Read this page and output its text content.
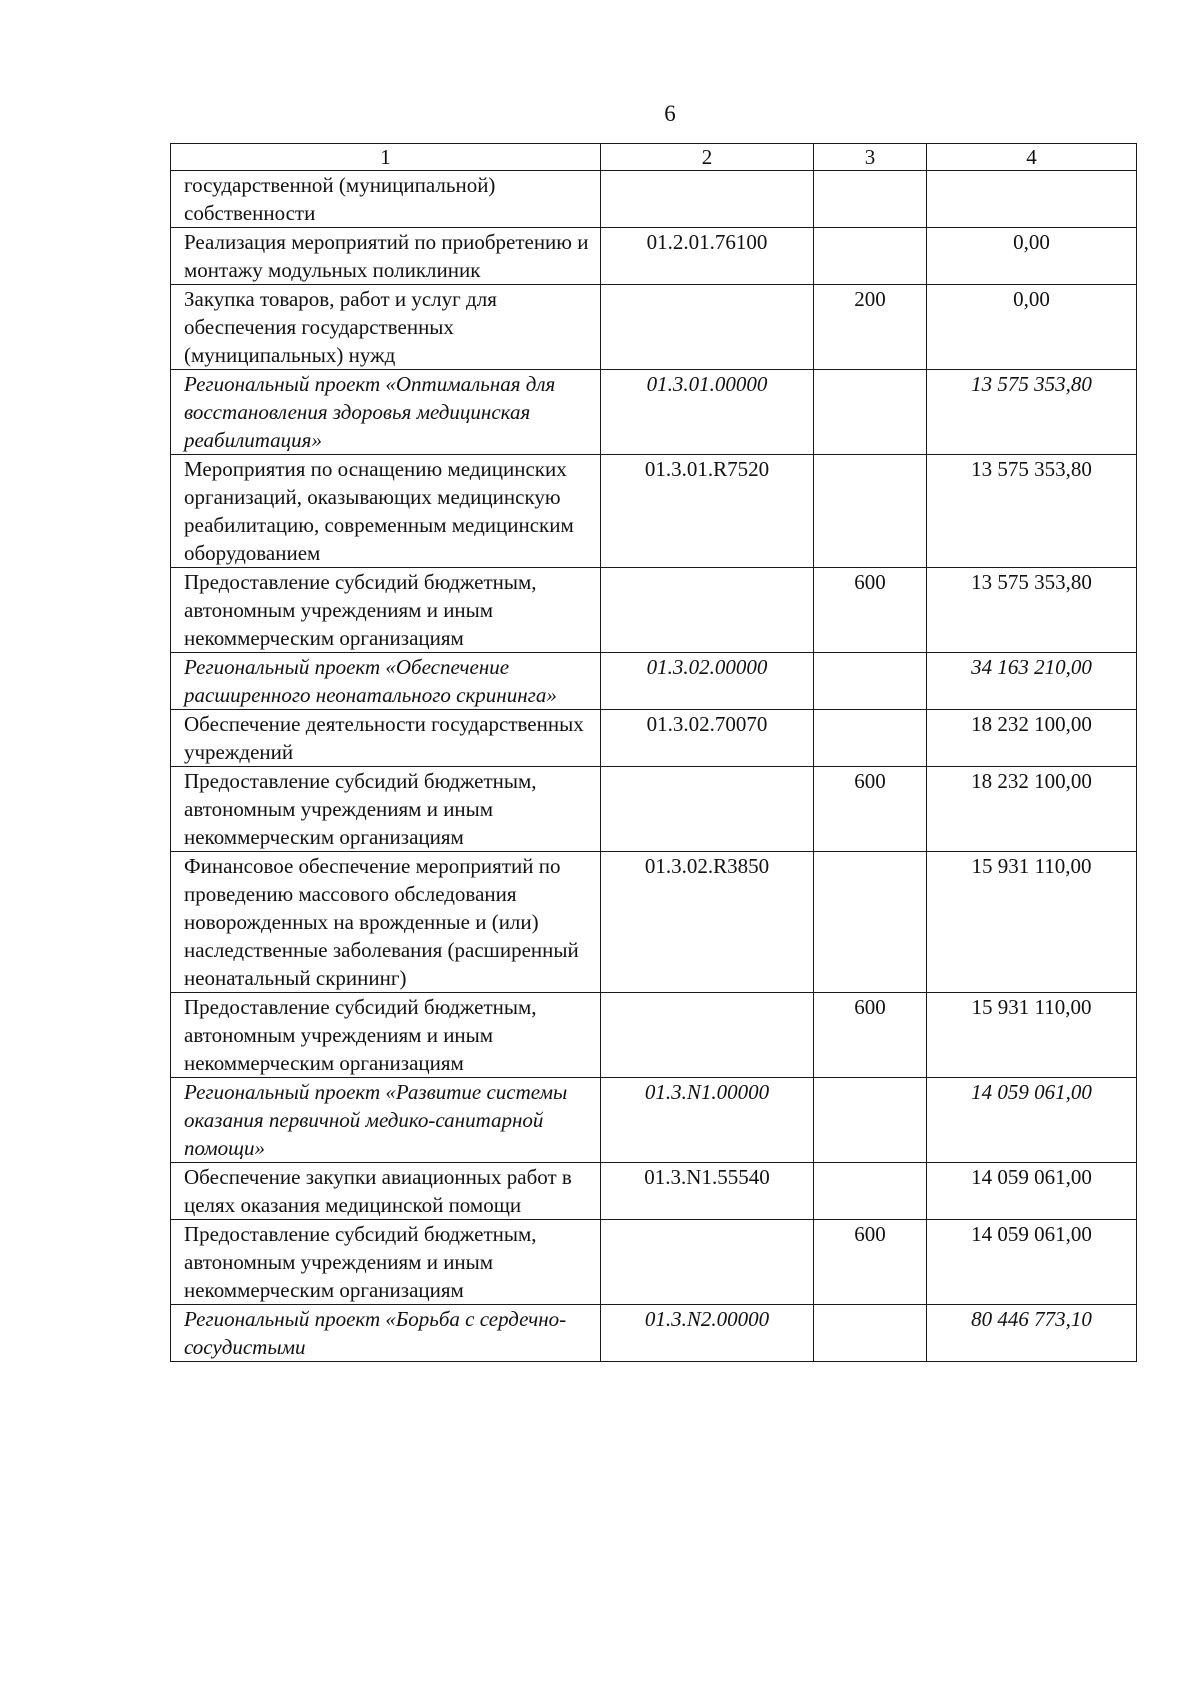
6
1	2	3	4
государственной (муниципальной) собственности			
Реализация мероприятий по приобретению и монтажу модульных поликлиник	01.2.01.76100		0,00
Закупка товаров, работ и услуг для обеспечения государственных (муниципальных) нужд		200	0,00
Региональный проект «Оптимальная для восстановления здоровья медицинская реабилитация»	01.3.01.00000		13 575 353,80
Мероприятия по оснащению медицинских организаций, оказывающих медицинскую реабилитацию, современным медицинским оборудованием	01.3.01.R7520		13 575 353,80
Предоставление субсидий бюджетным, автономным учреждениям и иным некоммерческим организациям		600	13 575 353,80
Региональный проект «Обеспечение расширенного неонатального скрининга»	01.3.02.00000		34 163 210,00
Обеспечение деятельности государственных учреждений	01.3.02.70070		18 232 100,00
Предоставление субсидий бюджетным, автономным учреждениям и иным некоммерческим организациям		600	18 232 100,00
Финансовое обеспечение мероприятий по проведению массового обследования новорожденных на врожденные и (или) наследственные заболевания (расширенный неонатальный скрининг)	01.3.02.R3850		15 931 110,00
Предоставление субсидий бюджетным, автономным учреждениям и иным некоммерческим организациям		600	15 931 110,00
Региональный проект «Развитие системы оказания первичной медико-санитарной помощи»	01.3.N1.00000		14 059 061,00
Обеспечение закупки авиационных работ в целях оказания медицинской помощи	01.3.N1.55540		14 059 061,00
Предоставление субсидий бюджетным, автономным учреждениям и иным некоммерческим организациям		600	14 059 061,00
Региональный проект «Борьба с сердечно-сосудистыми	01.3.N2.00000		80 446 773,10
